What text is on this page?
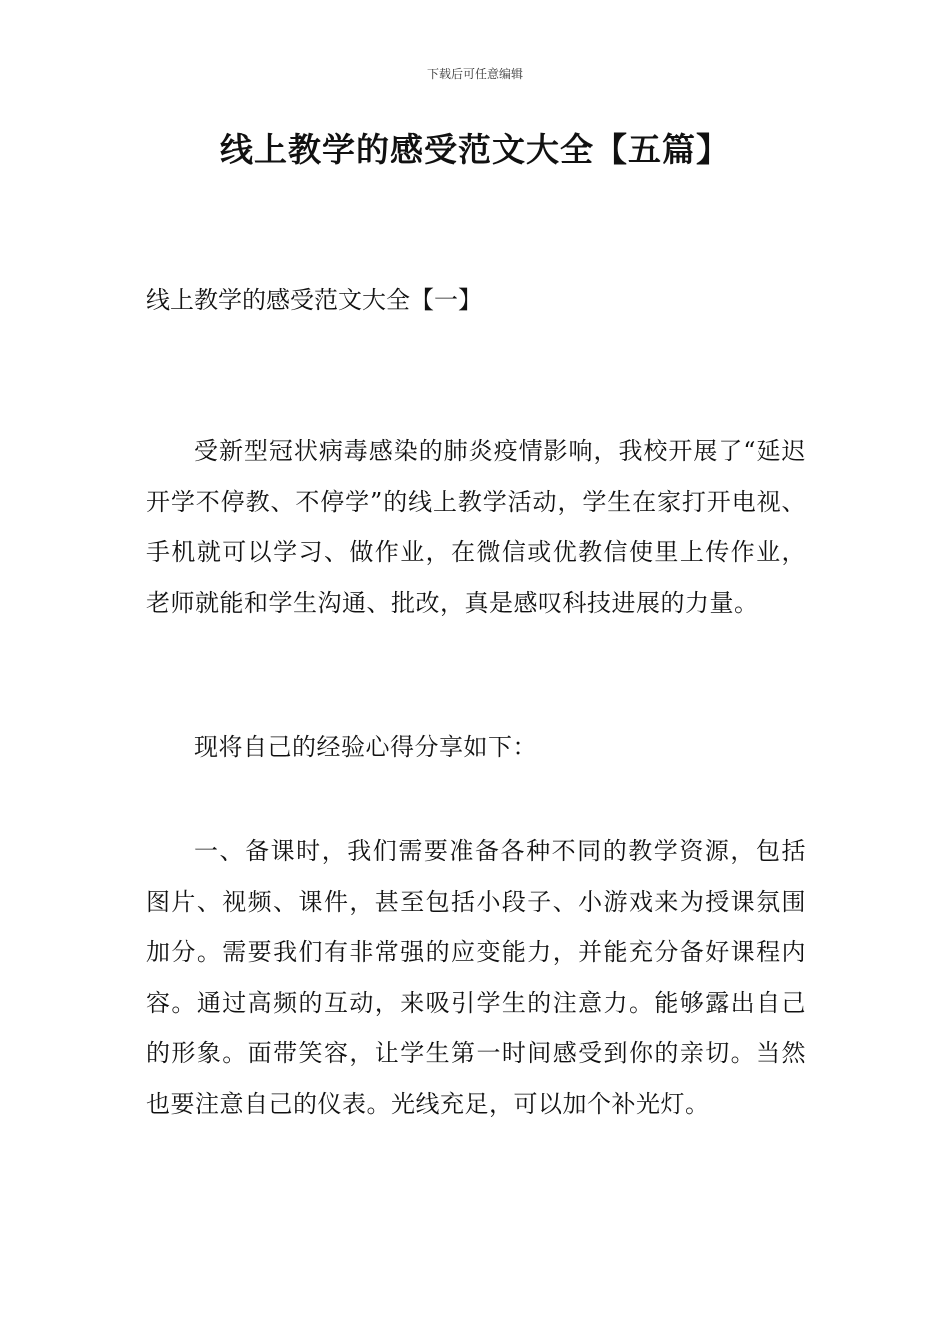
下载后可任意编辑
线上教学的感受范文大全【五篇】
线上教学的感受范文大全【一】

受新型冠状病毒感染的肺炎疫情影响，我校开展了“延迟开学不停教、不停学”的线上教学活动，学生在家打开电视、手机就可以学习、做作业，在微信或优教信使里上传作业，老师就能和学生沟通、批改，真是感叹科技进展的力量。

现将自己的经验心得分享如下：

一、备课时，我们需要准备各种不同的教学资源，包括图片、视频、课件，甚至包括小段子、小游戏来为授课氛围加分。需要我们有非常强的应变能力，并能充分备好课程内容。通过高频的互动，来吸引学生的注意力。能够露出自己的形象。面带笑容，让学生第一时间感受到你的亲切。当然也要注意自己的仪表。光线充足，可以加个补光灯。
